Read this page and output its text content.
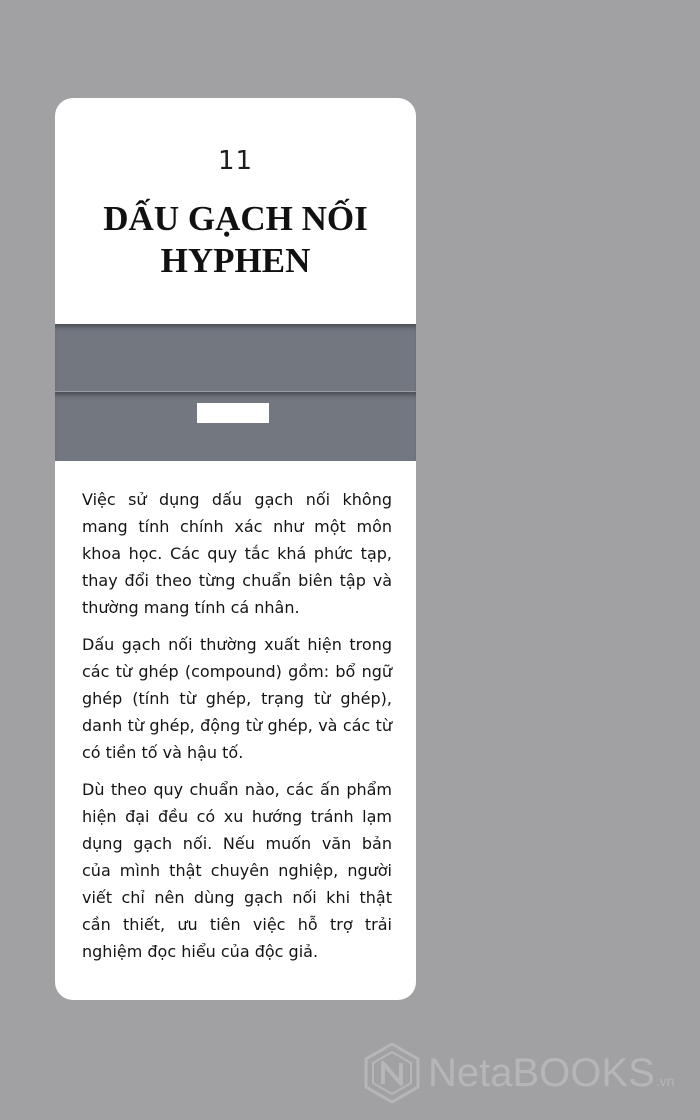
11
DẤU GẠCH NỐI
HYPHEN

Việc sử dụng dấu gạch nối không mang tính chính xác như một môn khoa học. Các quy tắc khá phức tạp, thay đổi theo từng chuẩn biên tập và thường mang tính cá nhân.

Dấu gạch nối thường xuất hiện trong các từ ghép (compound) gồm: bổ ngữ ghép (tính từ ghép, trạng từ ghép), danh từ ghép, động từ ghép, và các từ có tiền tố và hậu tố.

Dù theo quy chuẩn nào, các ấn phẩm hiện đại đều có xu hướng tránh lạm dụng gạch nối. Nếu muốn văn bản của mình thật chuyên nghiệp, người viết chỉ nên dùng gạch nối khi thật cần thiết, ưu tiên việc hỗ trợ trải nghiệm đọc hiểu của độc giả.

NetaBOOKS.vn
